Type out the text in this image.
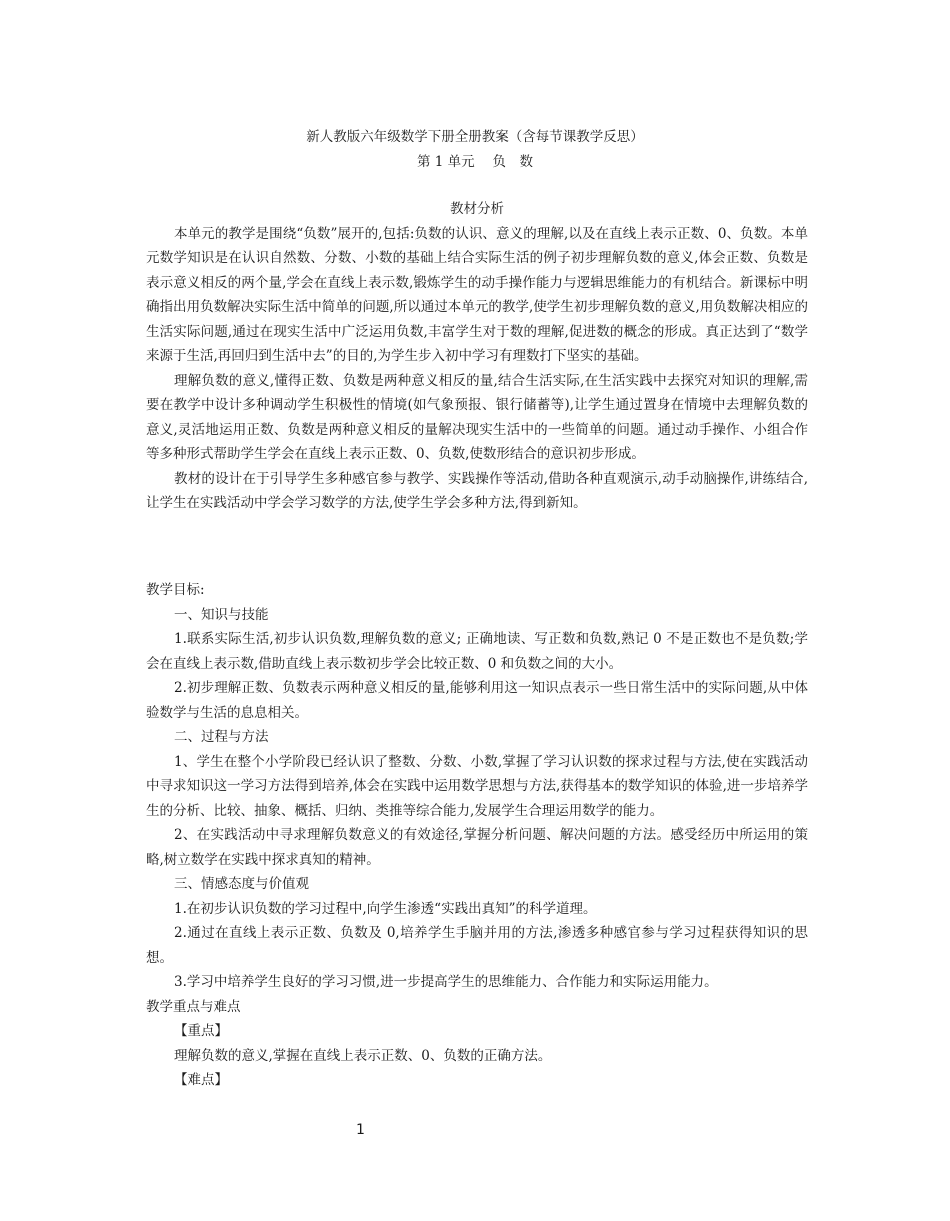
新人教版六年级数学下册全册教案（含每节课教学反思）
第 1 单元　 负　数

教材分析

本单元的教学是围绕“负数”展开的,包括:负数的认识、意义的理解,以及在直线上表示正数、0、负数。本单元数学知识是在认识自然数、分数、小数的基础上结合实际生活的例子初步理解负数的意义,体会正数、负数是表示意义相反的两个量,学会在直线上表示数,锻炼学生的动手操作能力与逻辑思维能力的有机结合。新课标中明确指出用负数解决实际生活中简单的问题,所以通过本单元的教学,使学生初步理解负数的意义,用负数解决相应的生活实际问题,通过在现实生活中广泛运用负数,丰富学生对于数的理解,促进数的概念的形成。真正达到了“数学来源于生活,再回归到生活中去”的目的,为学生步入初中学习有理数打下坚实的基础。

理解负数的意义,懂得正数、负数是两种意义相反的量,结合生活实际,在生活实践中去探究对知识的理解,需要在教学中设计多种调动学生积极性的情境(如气象预报、银行储蓄等),让学生通过置身在情境中去理解负数的意义,灵活地运用正数、负数是两种意义相反的量解决现实生活中的一些简单的问题。通过动手操作、小组合作等多种形式帮助学生学会在直线上表示正数、0、负数,使数形结合的意识初步形成。

教材的设计在于引导学生多种感官参与教学、实践操作等活动,借助各种直观演示,动手动脑操作,讲练结合,让学生在实践活动中学会学习数学的方法,使学生学会多种方法,得到新知。

教学目标:

一、知识与技能

1.联系实际生活,初步认识负数,理解负数的意义; 正确地读、写正数和负数,熟记 0 不是正数也不是负数;学会在直线上表示数,借助直线上表示数初步学会比较正数、0 和负数之间的大小。

2.初步理解正数、负数表示两种意义相反的量,能够利用这一知识点表示一些日常生活中的实际问题,从中体验数学与生活的息息相关。

二、过程与方法

1、学生在整个小学阶段已经认识了整数、分数、小数,掌握了学习认识数的探求过程与方法,使在实践活动中寻求知识这一学习方法得到培养,体会在实践中运用数学思想与方法,获得基本的数学知识的体验,进一步培养学生的分析、比较、抽象、概括、归纳、类推等综合能力,发展学生合理运用数学的能力。

2、在实践活动中寻求理解负数意义的有效途径,掌握分析问题、解决问题的方法。感受经历中所运用的策略,树立数学在实践中探求真知的精神。

三、情感态度与价值观

1.在初步认识负数的学习过程中,向学生渗透“实践出真知”的科学道理。

2.通过在直线上表示正数、负数及 0,培养学生手脑并用的方法,渗透多种感官参与学习过程获得知识的思想。

3.学习中培养学生良好的学习习惯,进一步提高学生的思维能力、合作能力和实际运用能力。

教学重点与难点

【重点】

理解负数的意义,掌握在直线上表示正数、0、负数的正确方法。

【难点】

1
